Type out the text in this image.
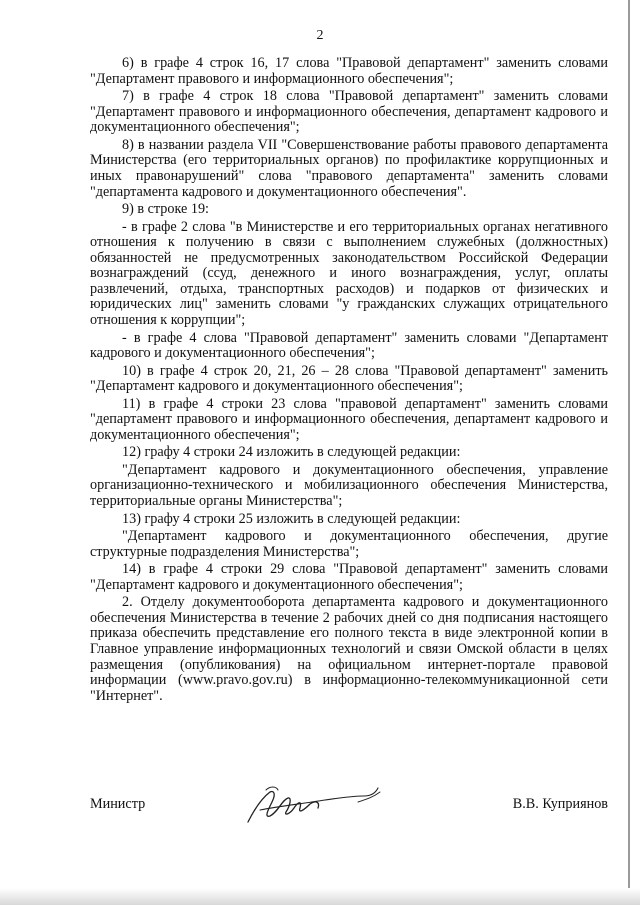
2

6) в графе 4 строк 16, 17 слова "Правовой департамент" заменить словами "Департамент правового и информационного обеспечения";

7) в графе 4 строк 18 слова "Правовой департамент" заменить словами "Департамент правового и информационного обеспечения, департамент кадрового и документационного обеспечения";

8) в названии раздела VII "Совершенствование работы правового департамента Министерства (его территориальных органов) по профилактике коррупционных и иных правонарушений" слова "правового департамента" заменить словами "департамента кадрового и документационного обеспечения".

9) в строке 19:

- в графе 2 слова "в Министерстве и его территориальных органах негативного отношения к получению в связи с выполнением служебных (должностных) обязанностей не предусмотренных законодательством Российской Федерации вознаграждений (ссуд, денежного и иного вознаграждения, услуг, оплаты развлечений, отдыха, транспортных расходов) и подарков от физических и юридических лиц" заменить словами "у гражданских служащих отрицательного отношения к коррупции";

- в графе 4 слова "Правовой департамент" заменить словами "Департамент кадрового и документационного обеспечения";

10) в графе 4 строк 20, 21, 26 – 28 слова "Правовой департамент" заменить "Департамент кадрового и документационного обеспечения";

11) в графе 4 строки 23 слова "правовой департамент" заменить словами "департамент правового и информационного обеспечения, департамент кадрового и документационного обеспечения";

12) графу 4 строки 24 изложить в следующей редакции:

"Департамент кадрового и документационного обеспечения, управление организационно-технического и мобилизационного обеспечения Министерства, территориальные органы Министерства";

13) графу 4 строки 25 изложить в следующей редакции:

"Департамент кадрового и документационного обеспечения, другие структурные подразделения Министерства";

14) в графе 4 строки 29 слова "Правовой департамент" заменить словами "Департамент кадрового и документационного обеспечения";

2. Отделу документооборота департамента кадрового и документационного обеспечения Министерства в течение 2 рабочих дней со дня подписания настоящего приказа обеспечить представление его полного текста в виде электронной копии в Главное управление информационных технологий и связи Омской области в целях размещения (опубликования) на официальном интернет-портале правовой информации (www.pravo.gov.ru) в информационно-телекоммуникационной сети "Интернет".

Министр	В.В. Куприянов
